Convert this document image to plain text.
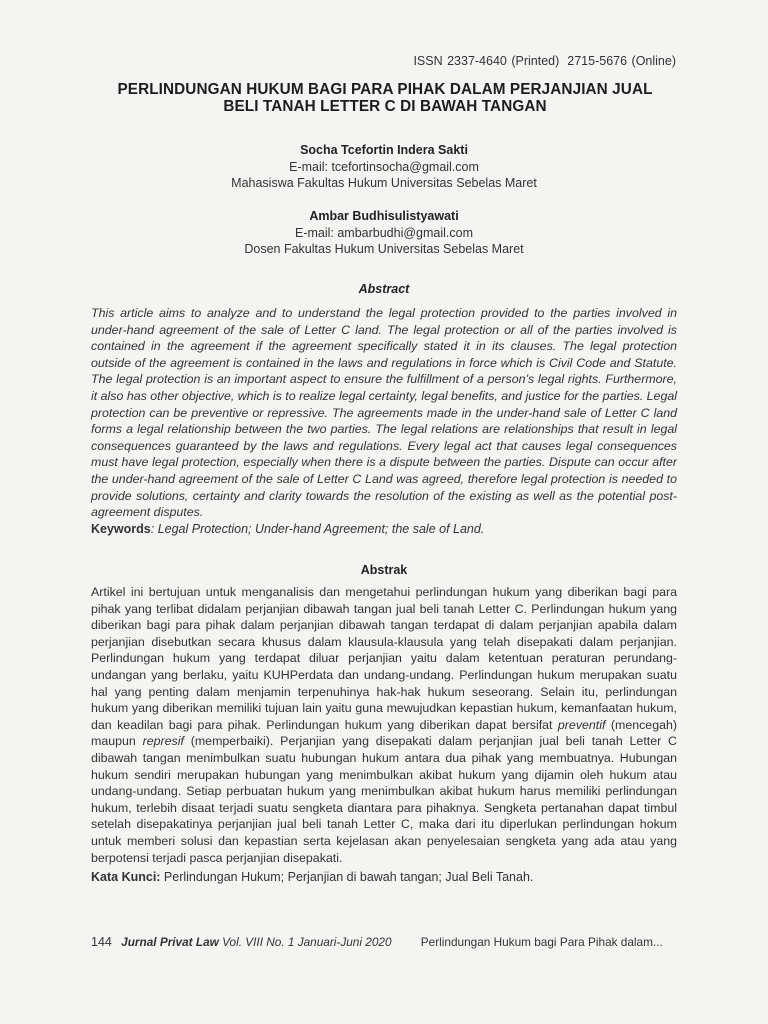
ISSN 2337-4640 (Printed) 2715-5676 (Online)
PERLINDUNGAN HUKUM BAGI PARA PIHAK DALAM PERJANJIAN JUAL
BELI TANAH LETTER C DI BAWAH TANGAN
Socha Tcefortin Indera Sakti
E-mail: tcefortinsocha@gmail.com
Mahasiswa Fakultas Hukum Universitas Sebelas Maret
Ambar Budhisulistyawati
E-mail: ambarbudhi@gmail.com
Dosen Fakultas Hukum Universitas Sebelas Maret
Abstract
This article aims to analyze and to understand the legal protection provided to the parties involved in under-hand agreement of the sale of Letter C land. The legal protection or all of the parties involved is contained in the agreement if the agreement specifically stated it in its clauses. The legal protection outside of the agreement is contained in the laws and regulations in force which is Civil Code and Statute. The legal protection is an important aspect to ensure the fulfillment of a person’s legal rights. Furthermore, it also has other objective, which is to realize legal certainty, legal benefits, and justice for the parties. Legal protection can be preventive or repressive. The agreements made in the under-hand sale of Letter C land forms a legal relationship between the two parties. The legal relations are relationships that result in legal consequences guaranteed by the laws and regulations. Every legal act that causes legal consequences must have legal protection, especially when there is a dispute between the parties. Dispute can occur after the under-hand agreement of the sale of Letter C Land was agreed, therefore legal protection is needed to provide solutions, certainty and clarity towards the resolution of the existing as well as the potential post-agreement disputes.
Keywords: Legal Protection; Under-hand Agreement; the sale of Land.
Abstrak
Artikel ini bertujuan untuk menganalisis dan mengetahui perlindungan hukum yang diberikan bagi para pihak yang terlibat didalam perjanjian dibawah tangan jual beli tanah Letter C. Perlindungan hukum yang diberikan bagi para pihak dalam perjanjian dibawah tangan terdapat di dalam perjanjian apabila dalam perjanjian disebutkan secara khusus dalam klausula-klausula yang telah disepakati dalam perjanjian. Perlindungan hukum yang terdapat diluar perjanjian yaitu dalam ketentuan peraturan perundang-undangan yang berlaku, yaitu KUHPerdata dan undang-undang. Perlindungan hukum merupakan suatu hal yang penting dalam menjamin terpenuhinya hak-hak hukum seseorang. Selain itu, perlindungan hukum yang diberikan memiliki tujuan lain yaitu guna mewujudkan kepastian hukum, kemanfaatan hukum, dan keadilan bagi para pihak. Perlindungan hukum yang diberikan dapat bersifat preventif (mencegah) maupun represif (memperbaiki). Perjanjian yang disepakati dalam perjanjian jual beli tanah Letter C dibawah tangan menimbulkan suatu hubungan hukum antara dua pihak yang membuatnya. Hubungan hukum sendiri merupakan hubungan yang menimbulkan akibat hukum yang dijamin oleh hukum atau undang-undang. Setiap perbuatan hukum yang menimbulkan akibat hukum harus memiliki perlindungan hukum, terlebih disaat terjadi suatu sengketa diantara para pihaknya. Sengketa pertanahan dapat timbul setelah disepakatinya perjanjian jual beli tanah Letter C, maka dari itu diperlukan perlindungan hokum untuk memberi solusi dan kepastian serta kejelasan akan penyelesaian sengketa yang ada atau yang berpotensi terjadi pasca perjanjian disepakati.
Kata Kunci: Perlindungan Hukum; Perjanjian di bawah tangan; Jual Beli Tanah.
144 Jurnal Privat Law Vol. VIII No. 1 Januari-Juni 2020 Perlindungan Hukum bagi Para Pihak dalam...
